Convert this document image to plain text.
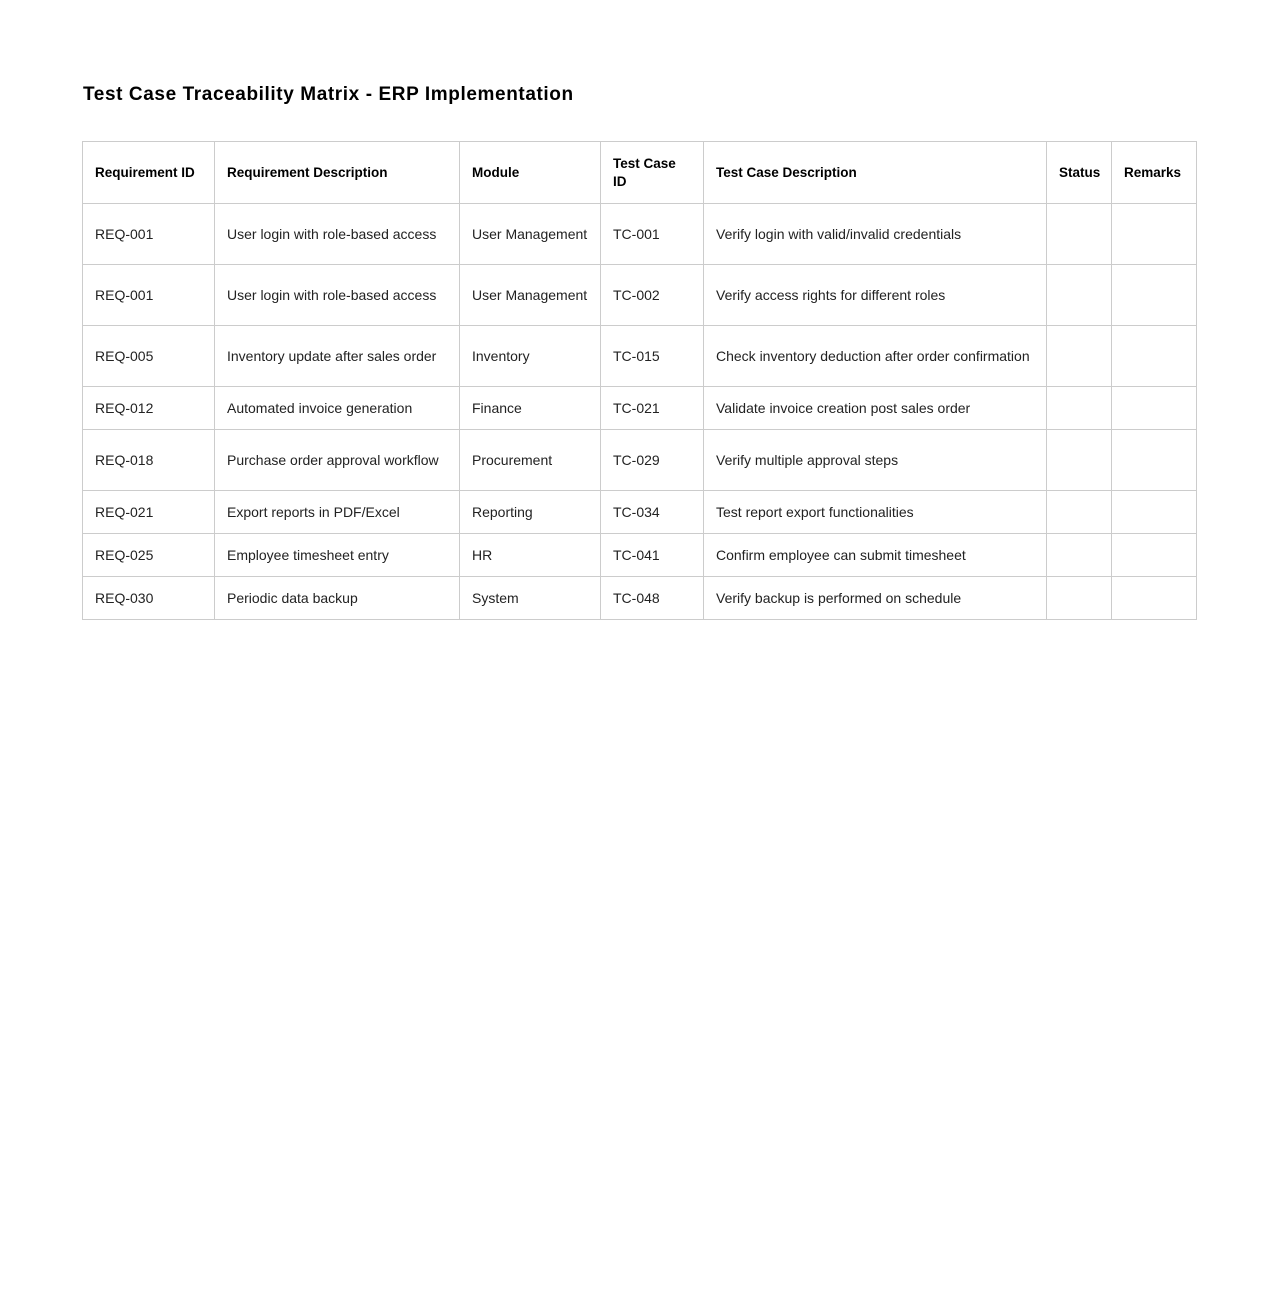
Test Case Traceability Matrix - ERP Implementation
Requirement ID	Requirement Description	Module	Test Case ID	Test Case Description	Status	Remarks
REQ-001	User login with role-based access	User Management	TC-001	Verify login with valid/invalid credentials		
REQ-001	User login with role-based access	User Management	TC-002	Verify access rights for different roles		
REQ-005	Inventory update after sales order	Inventory	TC-015	Check inventory deduction after order confirmation		
REQ-012	Automated invoice generation	Finance	TC-021	Validate invoice creation post sales order		
REQ-018	Purchase order approval workflow	Procurement	TC-029	Verify multiple approval steps		
REQ-021	Export reports in PDF/Excel	Reporting	TC-034	Test report export functionalities		
REQ-025	Employee timesheet entry	HR	TC-041	Confirm employee can submit timesheet		
REQ-030	Periodic data backup	System	TC-048	Verify backup is performed on schedule		
